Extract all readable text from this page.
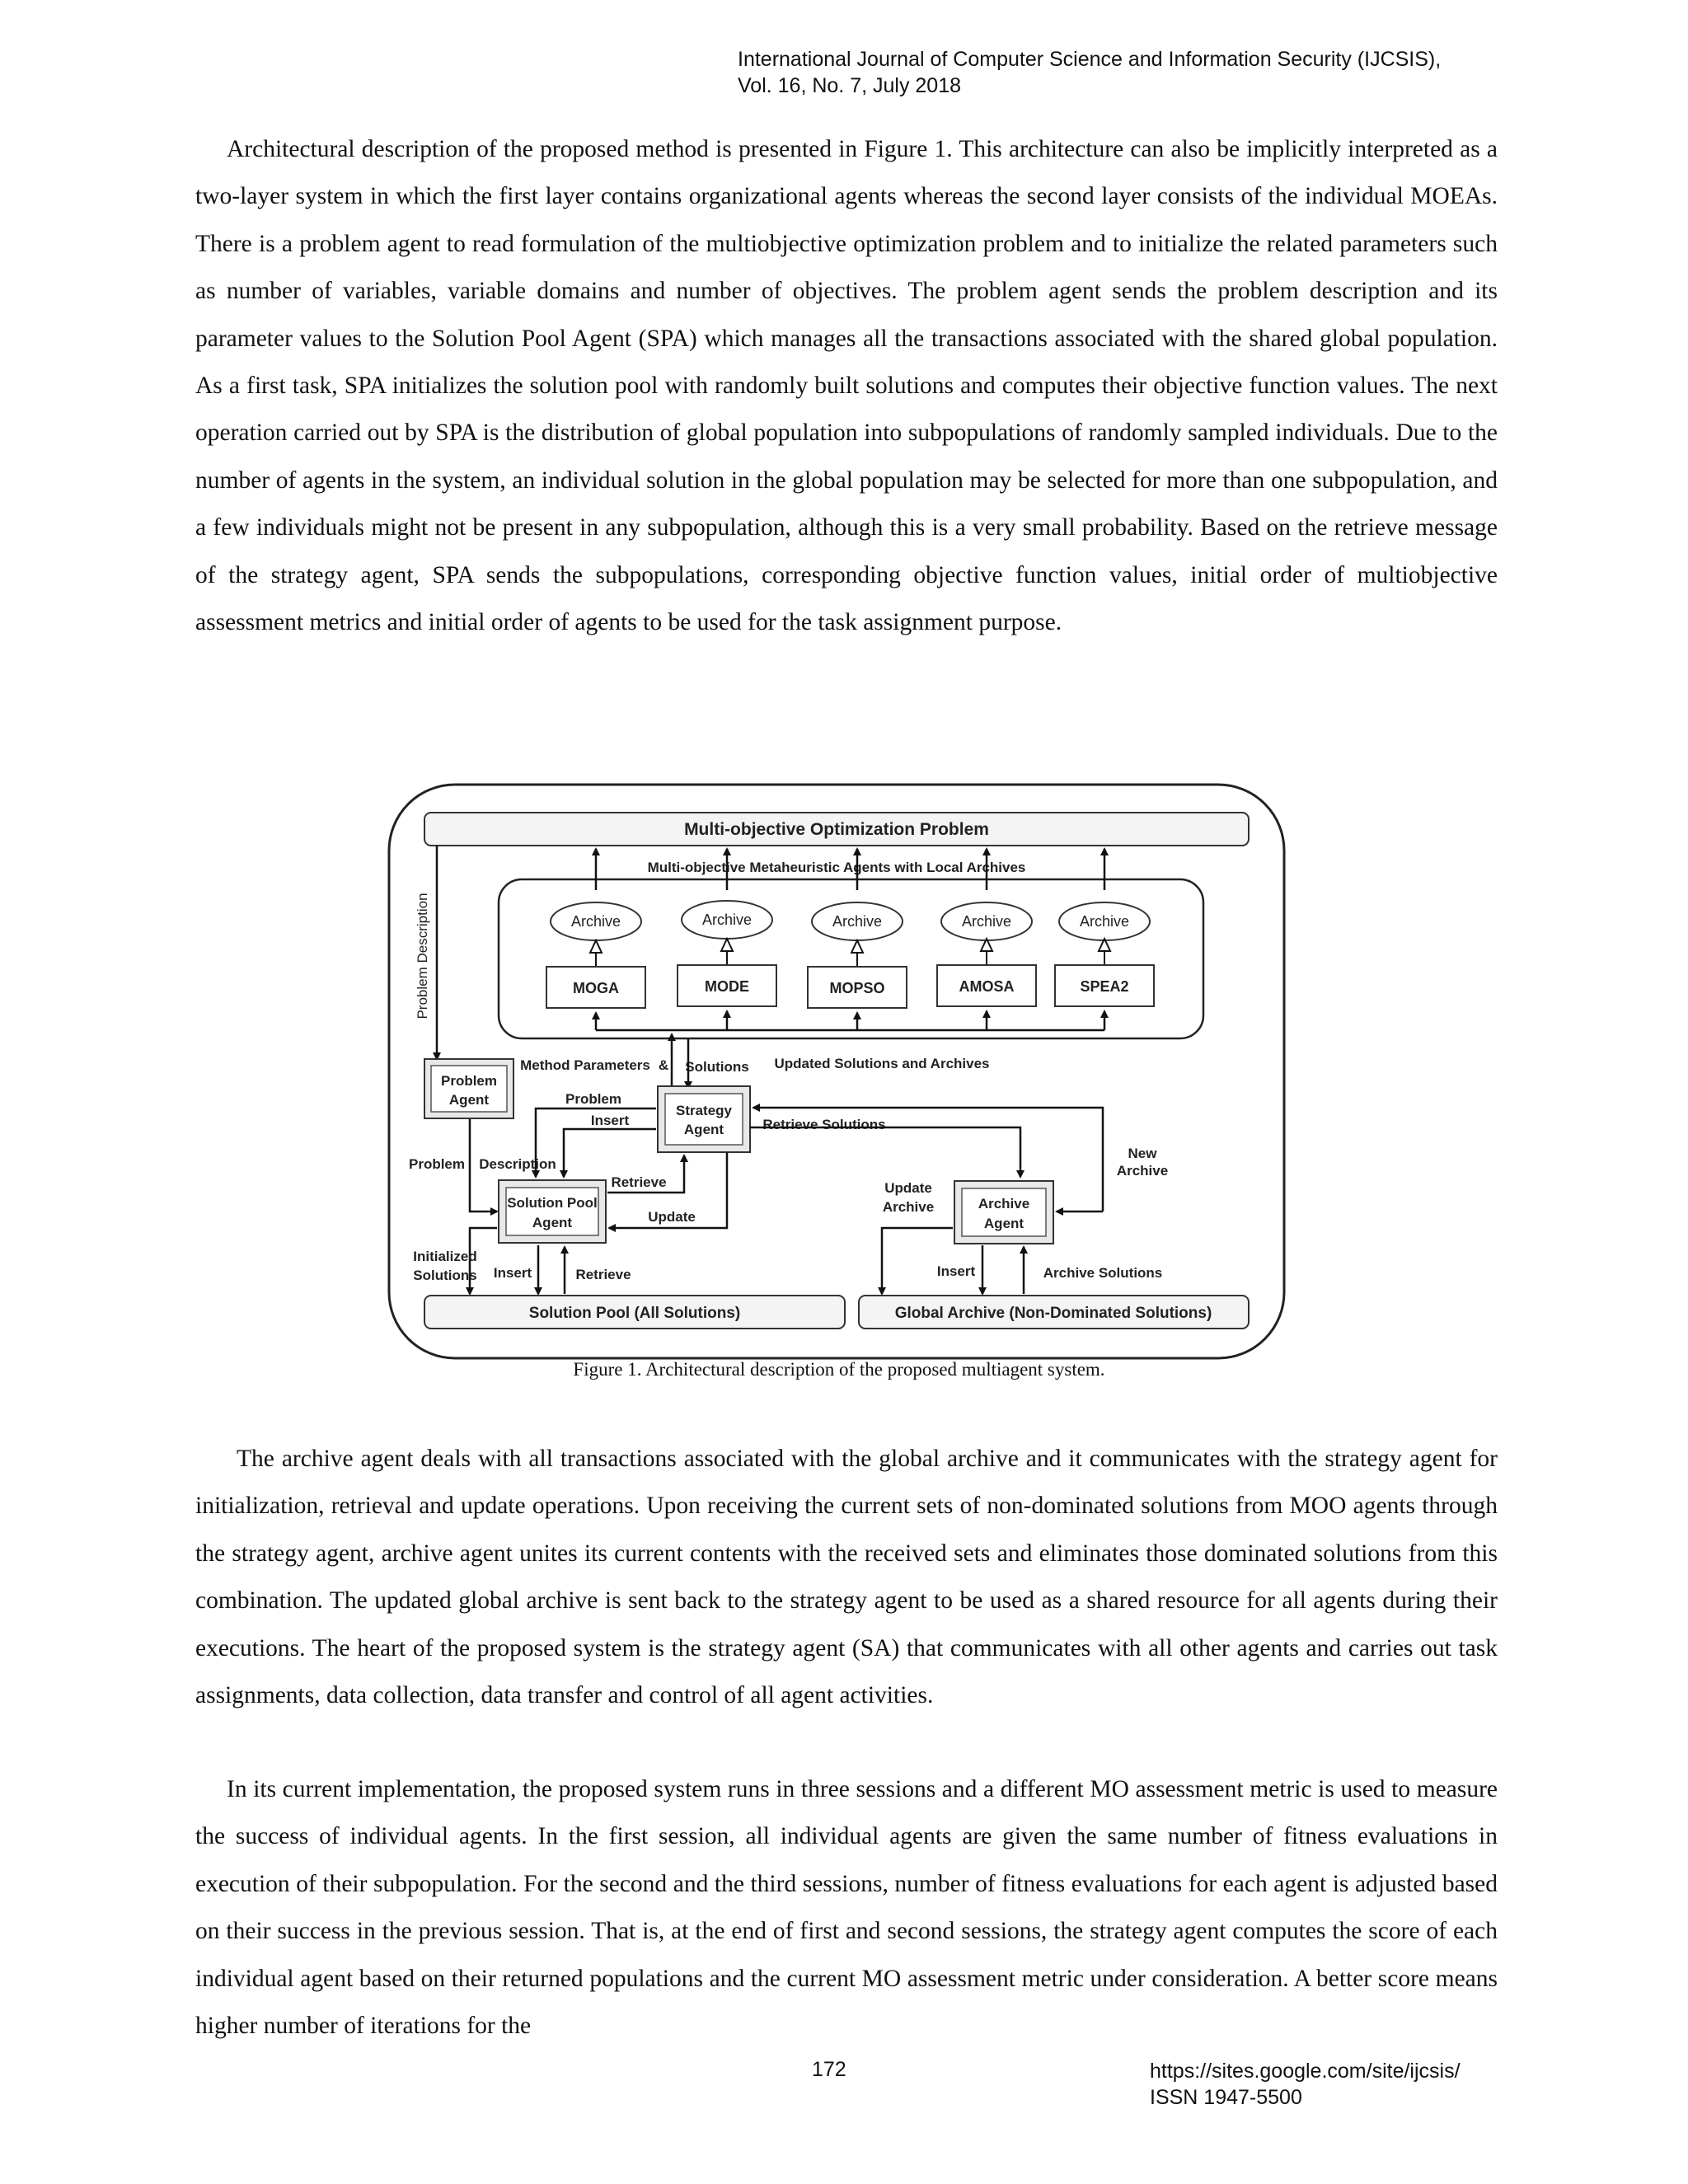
International Journal of Computer Science and Information Security (IJCSIS),
Vol. 16, No. 7, July 2018

Architectural description of the proposed method is presented in Figure 1. This architecture can also be implicitly interpreted as a two-layer system in which the first layer contains organizational agents whereas the second layer consists of the individual MOEAs. There is a problem agent to read formulation of the multiobjective optimization problem and to initialize the related parameters such as number of variables, variable domains and number of objectives. The problem agent sends the problem description and its parameter values to the Solution Pool Agent (SPA) which manages all the transactions associated with the shared global population. As a first task, SPA initializes the solution pool with randomly built solutions and computes their objective function values. The next operation carried out by SPA is the distribution of global population into subpopulations of randomly sampled individuals. Due to the number of agents in the system, an individual solution in the global population may be selected for more than one subpopulation, and a few individuals might not be present in any subpopulation, although this is a very small probability. Based on the retrieve message of the strategy agent, SPA sends the subpopulations, corresponding objective function values, initial order of multiobjective assessment metrics and initial order of agents to be used for the task assignment purpose.

Multi-objective Optimization Problem
Multi-objective Metaheuristic Agents with Local Archives
Archive	Archive	Archive	Archive	Archive
MOGA	MODE	MOPSO	AMOSA	SPEA2
Problem Description
Method Parameters & Solutions Updated Solutions and Archives
Problem
Agent
Strategy
Agent
Solution Pool
Agent
Archive
Agent
Problem Description
Problem
Insert
Retrieve
Update
Retrieve Solutions
New
Archive
Update
Archive
Insert	Archive Solutions
Initialized
Solutions Insert	Retrieve
Solution Pool (All Solutions)	Global Archive (Non-Dominated Solutions)
Figure 1. Architectural description of the proposed multiagent system.

The archive agent deals with all transactions associated with the global archive and it communicates with the strategy agent for initialization, retrieval and update operations. Upon receiving the current sets of non-dominated solutions from MOO agents through the strategy agent, archive agent unites its current contents with the received sets and eliminates those dominated solutions from this combination. The updated global archive is sent back to the strategy agent to be used as a shared resource for all agents during their executions. The heart of the proposed system is the strategy agent (SA) that communicates with all other agents and carries out task assignments, data collection, data transfer and control of all agent activities.

In its current implementation, the proposed system runs in three sessions and a different MO assessment metric is used to measure the success of individual agents. In the first session, all individual agents are given the same number of fitness evaluations in execution of their subpopulation. For the second and the third sessions, number of fitness evaluations for each agent is adjusted based on their success in the previous session. That is, at the end of first and second sessions, the strategy agent computes the score of each individual agent based on their returned populations and the current MO assessment metric under consideration. A better score means higher number of iterations for the

172	https://sites.google.com/site/ijcsis/
ISSN 1947-5500
